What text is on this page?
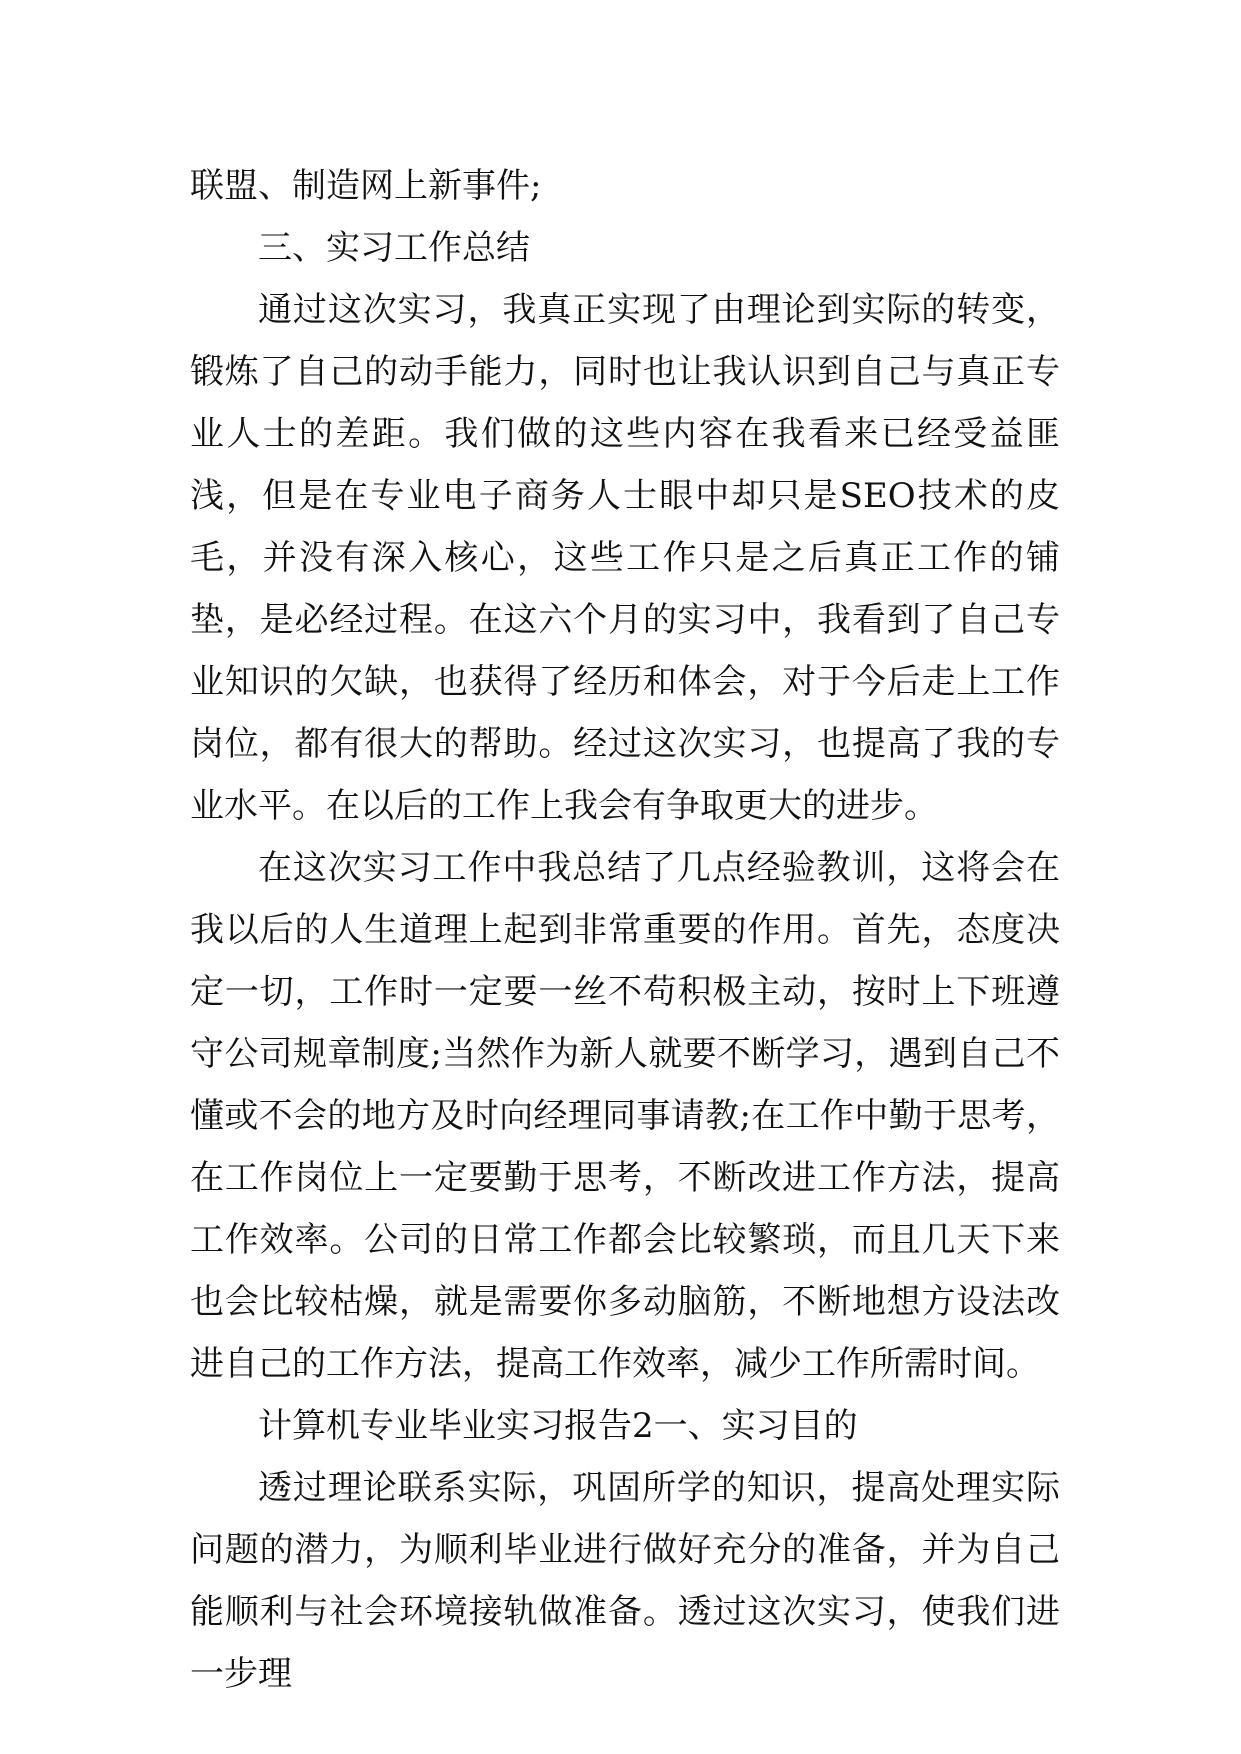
联盟、制造网上新事件;

三、实习工作总结

通过这次实习，我真正实现了由理论到实际的转变，锻炼了自己的动手能力，同时也让我认识到自己与真正专业人士的差距。我们做的这些内容在我看来已经受益匪浅，但是在专业电子商务人士眼中却只是SEO技术的皮毛，并没有深入核心，这些工作只是之后真正工作的铺垫，是必经过程。在这六个月的实习中，我看到了自己专业知识的欠缺，也获得了经历和体会，对于今后走上工作岗位，都有很大的帮助。经过这次实习，也提高了我的专业水平。在以后的工作上我会有争取更大的进步。

在这次实习工作中我总结了几点经验教训，这将会在我以后的人生道理上起到非常重要的作用。首先，态度决定一切，工作时一定要一丝不苟积极主动，按时上下班遵守公司规章制度;当然作为新人就要不断学习，遇到自己不懂或不会的地方及时向经理同事请教;在工作中勤于思考，在工作岗位上一定要勤于思考，不断改进工作方法，提高工作效率。公司的日常工作都会比较繁琐，而且几天下来也会比较枯燥，就是需要你多动脑筋，不断地想方设法改进自己的工作方法，提高工作效率，减少工作所需时间。

计算机专业毕业实习报告2一、实习目的

透过理论联系实际，巩固所学的知识，提高处理实际问题的潜力，为顺利毕业进行做好充分的准备，并为自己能顺利与社会环境接轨做准备。透过这次实习，使我们进一步理
